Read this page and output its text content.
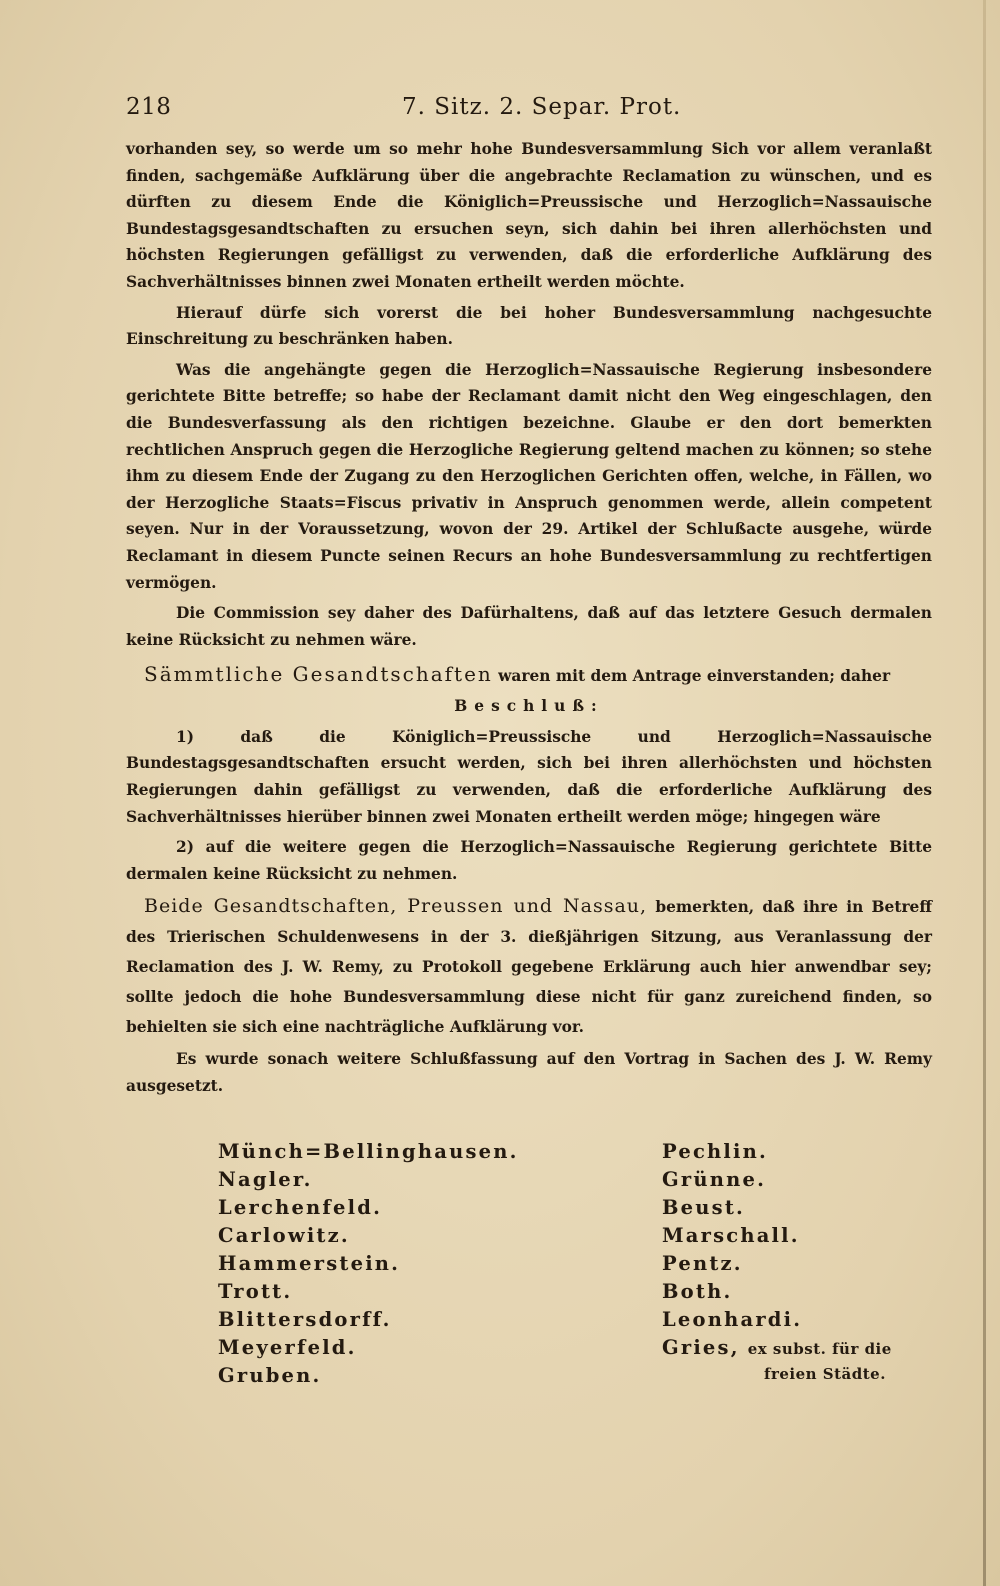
218	7. Sitz. 2. Separ. Prot.

vorhanden sey, so werde um so mehr hohe Bundesversammlung Sich vor allem veranlaßt finden, sachgemäße Aufklärung über die angebrachte Reclamation zu wünschen, und es dürften zu diesem Ende die Königlich=Preussische und Herzoglich=Nassauische Bundestagsgesandtschaften zu ersuchen seyn, sich dahin bei ihren allerhöchsten und höchsten Regierungen gefälligst zu verwenden, daß die erforderliche Aufklärung des Sachverhältnisses binnen zwei Monaten ertheilt werden möchte.

Hierauf dürfe sich vorerst die bei hoher Bundesversammlung nachgesuchte Einschreitung zu beschränken haben.

Was die angehängte gegen die Herzoglich=Nassauische Regierung insbesondere gerichtete Bitte betreffe; so habe der Reclamant damit nicht den Weg eingeschlagen, den die Bundesverfassung als den richtigen bezeichne. Glaube er den dort bemerkten rechtlichen Anspruch gegen die Herzogliche Regierung geltend machen zu können; so stehe ihm zu diesem Ende der Zugang zu den Herzoglichen Gerichten offen, welche, in Fällen, wo der Herzogliche Staats=Fiscus privativ in Anspruch genommen werde, allein competent seyen. Nur in der Voraussetzung, wovon der 29. Artikel der Schlußacte ausgehe, würde Reclamant in diesem Puncte seinen Recurs an hohe Bundesversammlung zu rechtfertigen vermögen.

Die Commission sey daher des Dafürhaltens, daß auf das letztere Gesuch dermalen keine Rücksicht zu nehmen wäre.

Sämmtliche Gesandtschaften waren mit dem Antrage einverstanden; daher

Beschluß:

1) daß die Königlich=Preussische und Herzoglich=Nassauische Bundestagsgesandtschaften ersucht werden, sich bei ihren allerhöchsten und höchsten Regierungen dahin gefälligst zu verwenden, daß die erforderliche Aufklärung des Sachverhältnisses hierüber binnen zwei Monaten ertheilt werden möge; hingegen wäre

2) auf die weitere gegen die Herzoglich=Nassauische Regierung gerichtete Bitte dermalen keine Rücksicht zu nehmen.

Beide Gesandtschaften, Preussen und Nassau, bemerkten, daß ihre in Betreff des Trierischen Schuldenwesens in der 3. dießjährigen Sitzung, aus Veranlassung der Reclamation des J. W. Remy, zu Protokoll gegebene Erklärung auch hier anwendbar sey; sollte jedoch die hohe Bundesversammlung diese nicht für ganz zureichend finden, so behielten sie sich eine nachträgliche Aufklärung vor.

Es wurde sonach weitere Schlußfassung auf den Vortrag in Sachen des J. W. Remy ausgesetzt.

Münch=Bellinghausen.
Nagler.
Lerchenfeld.
Carlowitz.
Hammerstein.
Trott.
Blittersdorff.
Meyerfeld.
Gruben.
Pechlin.
Grünne.
Beust.
Marschall.
Pentz.
Both.
Leonhardi.
Gries, ex subst. für die
freien Städte.
